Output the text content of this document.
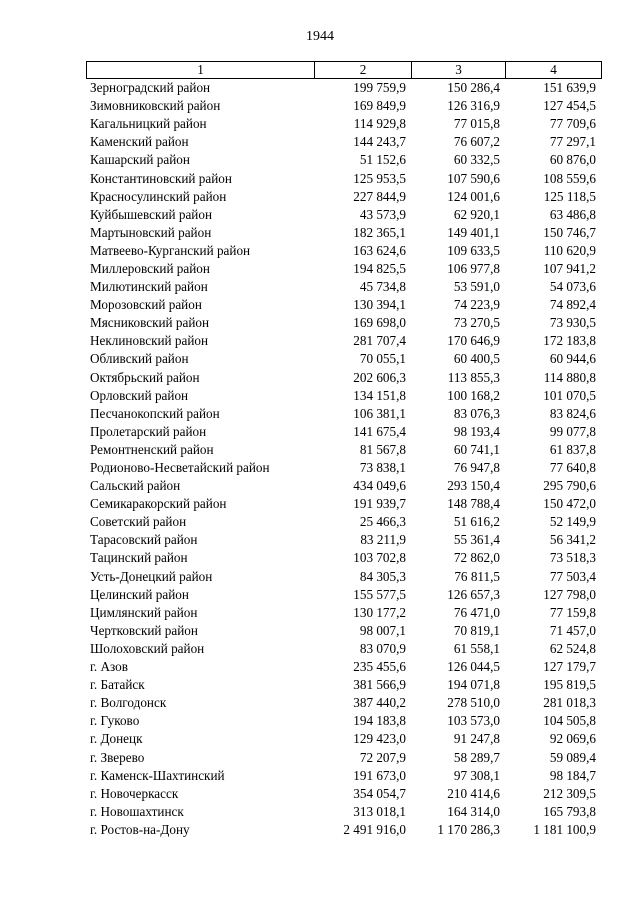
1944
1	2	3	4
Зерноградский район	199 759,9	150 286,4	151 639,9
Зимовниковский район	169 849,9	126 316,9	127 454,5
Кагальницкий район	114 929,8	77 015,8	77 709,6
Каменский район	144 243,7	76 607,2	77 297,1
Кашарский район	51 152,6	60 332,5	60 876,0
Константиновский район	125 953,5	107 590,6	108 559,6
Красносулинский район	227 844,9	124 001,6	125 118,5
Куйбышевский район	43 573,9	62 920,1	63 486,8
Мартыновский район	182 365,1	149 401,1	150 746,7
Матвеево-Курганский район	163 624,6	109 633,5	110 620,9
Миллеровский район	194 825,5	106 977,8	107 941,2
Милютинский район	45 734,8	53 591,0	54 073,6
Морозовский район	130 394,1	74 223,9	74 892,4
Мясниковский район	169 698,0	73 270,5	73 930,5
Неклиновский район	281 707,4	170 646,9	172 183,8
Обливский район	70 055,1	60 400,5	60 944,6
Октябрьский район	202 606,3	113 855,3	114 880,8
Орловский район	134 151,8	100 168,2	101 070,5
Песчанокопский район	106 381,1	83 076,3	83 824,6
Пролетарский район	141 675,4	98 193,4	99 077,8
Ремонтненский район	81 567,8	60 741,1	61 837,8
Родионово-Несветайский район	73 838,1	76 947,8	77 640,8
Сальский район	434 049,6	293 150,4	295 790,6
Семикаракорский район	191 939,7	148 788,4	150 472,0
Советский район	25 466,3	51 616,2	52 149,9
Тарасовский район	83 211,9	55 361,4	56 341,2
Тацинский район	103 702,8	72 862,0	73 518,3
Усть-Донецкий район	84 305,3	76 811,5	77 503,4
Целинский район	155 577,5	126 657,3	127 798,0
Цимлянский район	130 177,2	76 471,0	77 159,8
Чертковский район	98 007,1	70 819,1	71 457,0
Шолоховский район	83 070,9	61 558,1	62 524,8
г. Азов	235 455,6	126 044,5	127 179,7
г. Батайск	381 566,9	194 071,8	195 819,5
г. Волгодонск	387 440,2	278 510,0	281 018,3
г. Гуково	194 183,8	103 573,0	104 505,8
г. Донецк	129 423,0	91 247,8	92 069,6
г. Зверево	72 207,9	58 289,7	59 089,4
г. Каменск-Шахтинский	191 673,0	97 308,1	98 184,7
г. Новочеркасск	354 054,7	210 414,6	212 309,5
г. Новошахтинск	313 018,1	164 314,0	165 793,8
г. Ростов-на-Дону	2 491 916,0	1 170 286,3	1 181 100,9
